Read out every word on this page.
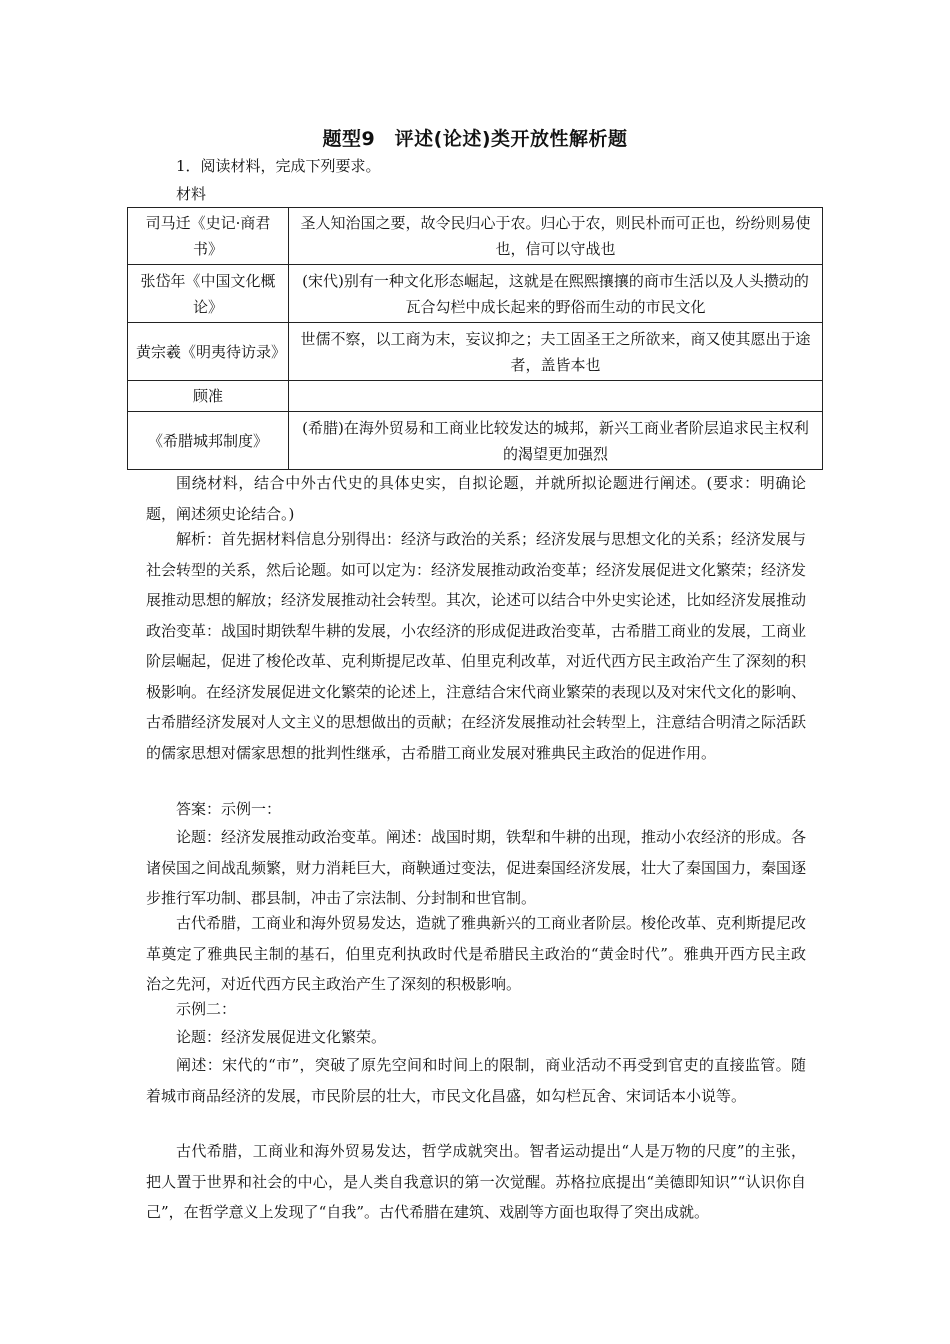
题型9　评述(论述)类开放性解析题
1．阅读材料，完成下列要求。
材料
司马迁《史记·商君书》	圣人知治国之要，故令民归心于农。归心于农，则民朴而可正也，纷纷则易使也，信可以守战也
张岱年《中国文化概论》	(宋代)别有一种文化形态崛起，这就是在熙熙攘攘的商市生活以及人头攒动的瓦合勾栏中成长起来的野俗而生动的市民文化
黄宗羲《明夷待访录》	世儒不察，以工商为末，妄议抑之；夫工固圣王之所欲来，商又使其愿出于途者，盖皆本也
顾准	
《希腊城邦制度》	(希腊)在海外贸易和工商业比较发达的城邦，新兴工商业者阶层追求民主权利的渴望更加强烈
围绕材料，结合中外古代史的具体史实，自拟论题，并就所拟论题进行阐述。(要求：明确论题，阐述须史论结合。)
解析：首先据材料信息分别得出：经济与政治的关系；经济发展与思想文化的关系；经济发展与社会转型的关系，然后论题。如可以定为：经济发展推动政治变革；经济发展促进文化繁荣；经济发展推动思想的解放；经济发展推动社会转型。其次，论述可以结合中外史实论述，比如经济发展推动政治变革：战国时期铁犁牛耕的发展，小农经济的形成促进政治变革，古希腊工商业的发展，工商业阶层崛起，促进了梭伦改革、克利斯提尼改革、伯里克利改革，对近代西方民主政治产生了深刻的积极影响。在经济发展促进文化繁荣的论述上，注意结合宋代商业繁荣的表现以及对宋代文化的影响、古希腊经济发展对人文主义的思想做出的贡献；在经济发展推动社会转型上，注意结合明清之际活跃的儒家思想对儒家思想的批判性继承，古希腊工商业发展对雅典民主政治的促进作用。
答案：示例一：
论题：经济发展推动政治变革。阐述：战国时期，铁犁和牛耕的出现，推动小农经济的形成。各诸侯国之间战乱频繁，财力消耗巨大，商鞅通过变法，促进秦国经济发展，壮大了秦国国力，秦国逐步推行军功制、郡县制，冲击了宗法制、分封制和世官制。
古代希腊，工商业和海外贸易发达，造就了雅典新兴的工商业者阶层。梭伦改革、克利斯提尼改革奠定了雅典民主制的基石，伯里克利执政时代是希腊民主政治的“黄金时代”。雅典开西方民主政治之先河，对近代西方民主政治产生了深刻的积极影响。
示例二：
论题：经济发展促进文化繁荣。
阐述：宋代的“市”，突破了原先空间和时间上的限制，商业活动不再受到官吏的直接监管。随着城市商品经济的发展，市民阶层的壮大，市民文化昌盛，如勾栏瓦舍、宋词话本小说等。
古代希腊，工商业和海外贸易发达，哲学成就突出。智者运动提出“人是万物的尺度”的主张，把人置于世界和社会的中心，是人类自我意识的第一次觉醒。苏格拉底提出“美德即知识”“认识你自己”，在哲学意义上发现了“自我”。古代希腊在建筑、戏剧等方面也取得了突出成就。
